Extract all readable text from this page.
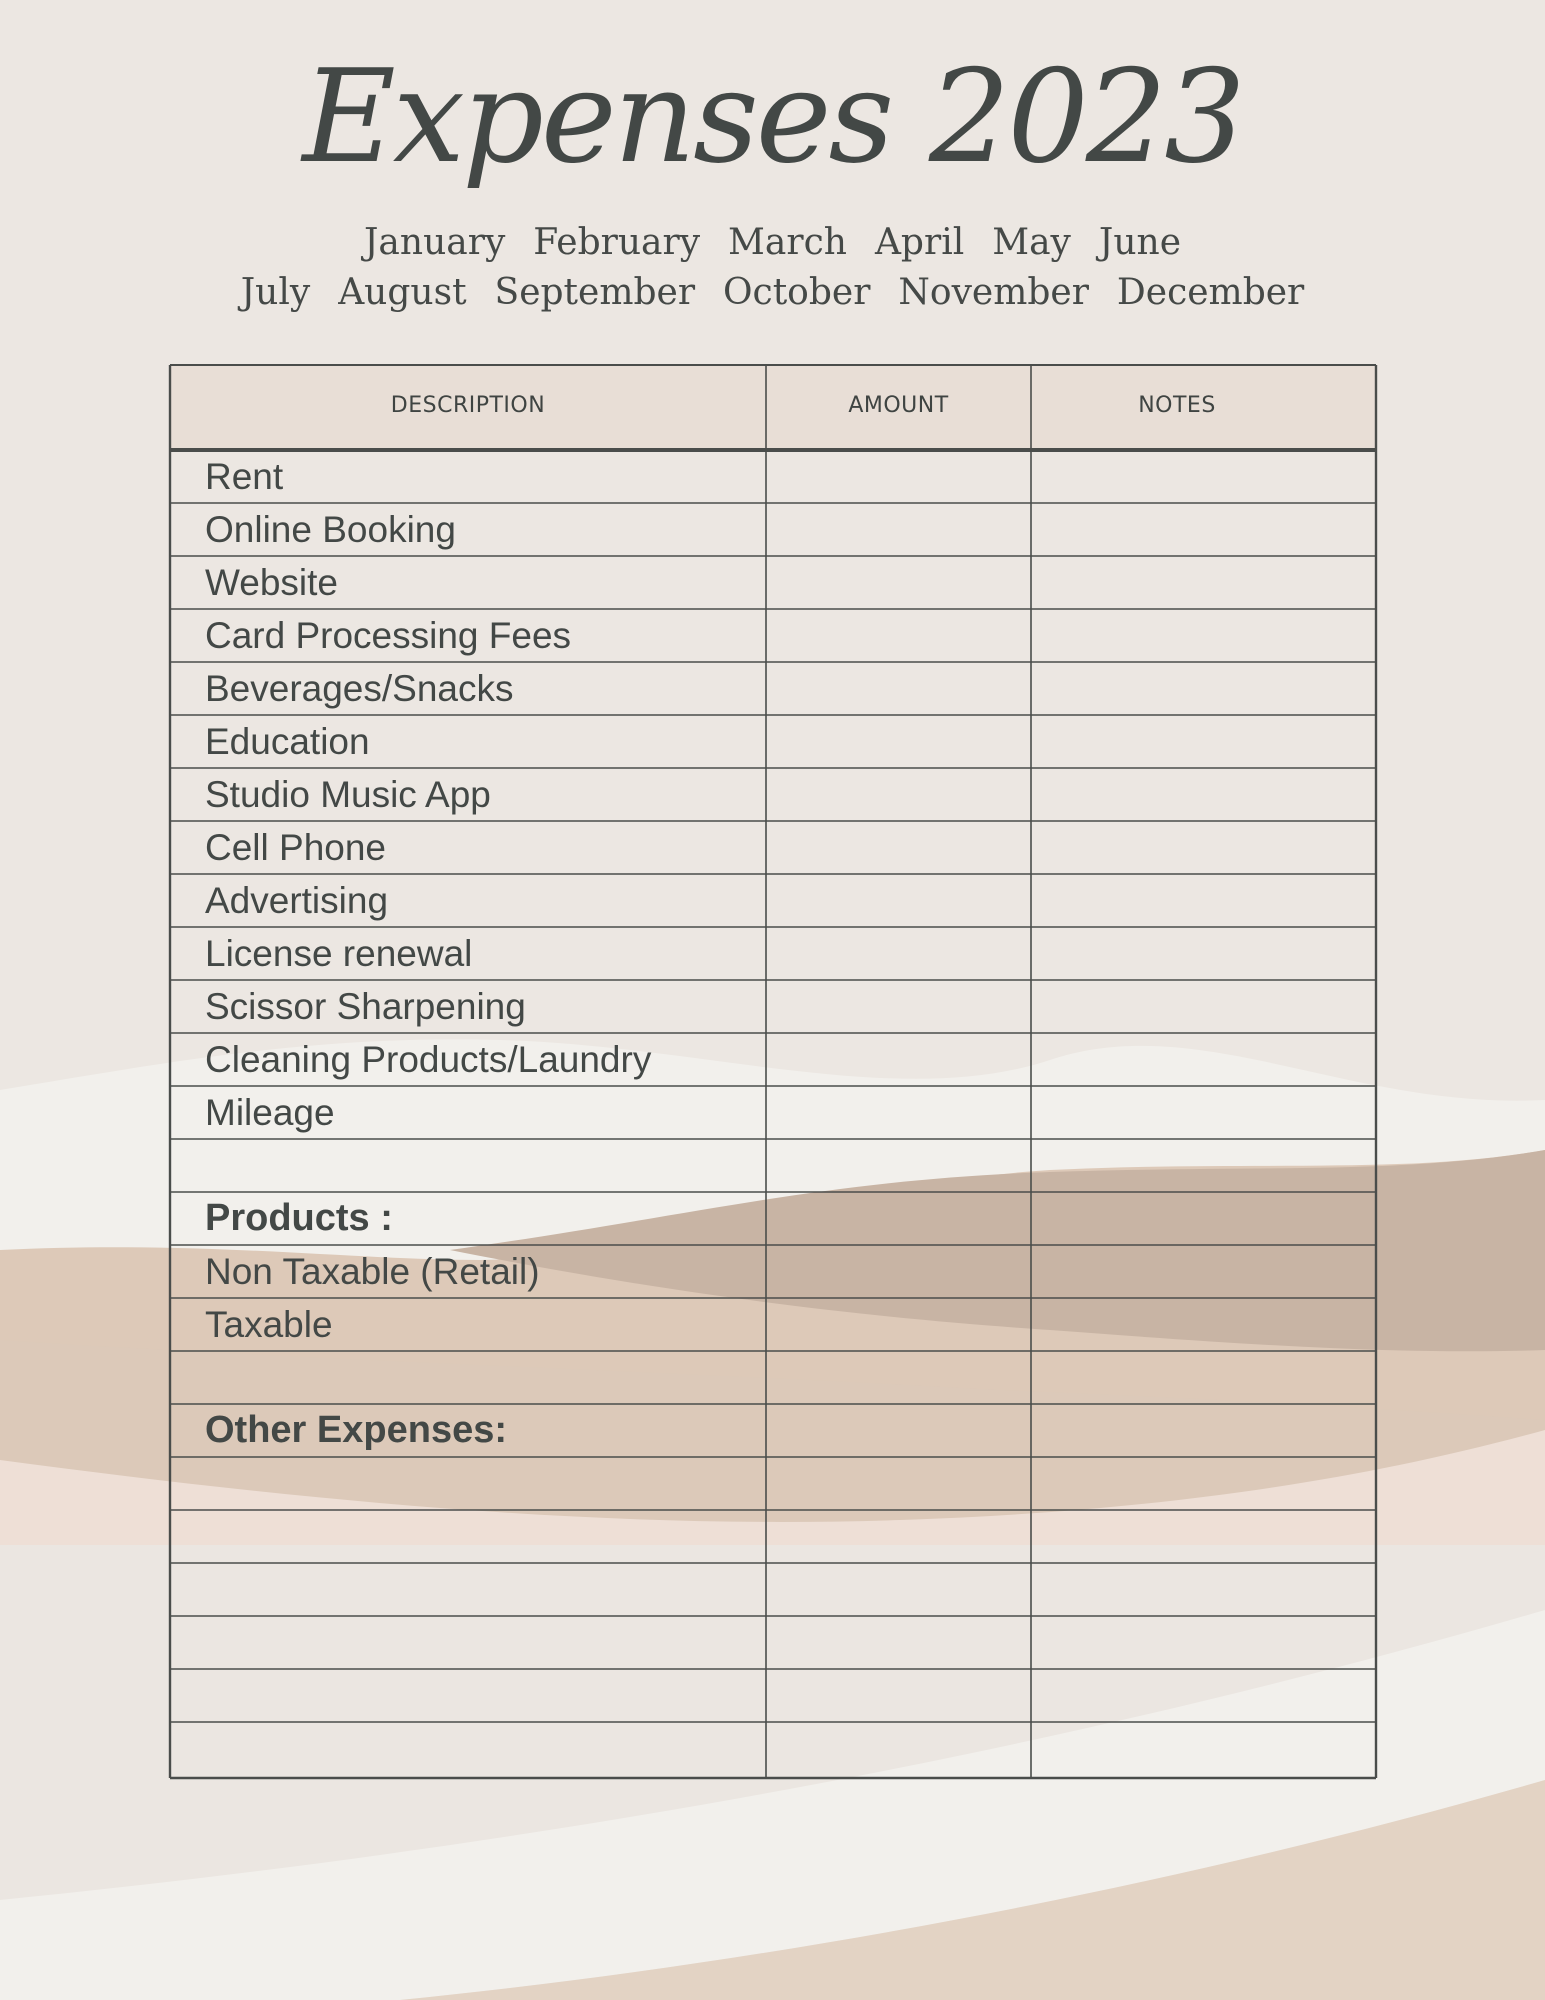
Expenses 2023
January February March April May June
July August September October November December
DESCRIPTION	AMOUNT	NOTES
Rent
Online Booking
Website
Card Processing Fees
Beverages/Snacks
Education
Studio Music App
Cell Phone
Advertising
License renewal
Scissor Sharpening
Cleaning Products/Laundry
Mileage
Products :
Non Taxable (Retail)
Taxable
Other Expenses:
